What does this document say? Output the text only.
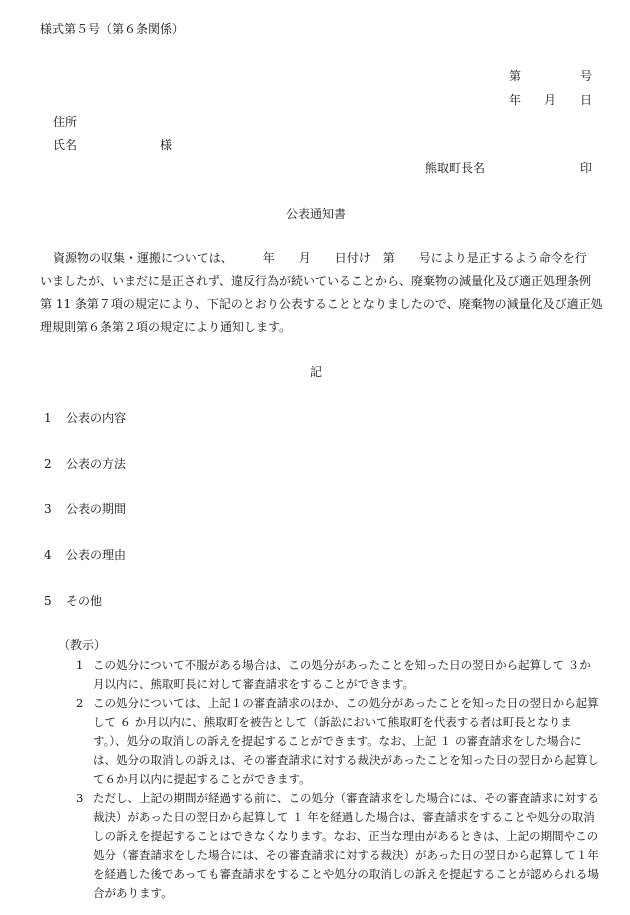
様式第５号（第６条関係）
第	号
年 月 日
住所
氏名	様
熊取町長名	印
公表通知書
資源物の収集・運搬については、　　　年　　月　　日付け　第　　号により是正するよう命令を行
いましたが、いまだに是正されず、違反行為が続いていることから、廃棄物の減量化及び適正処理条例
第 11 条第７項の規定により、下記のとおり公表することとなりましたので、廃棄物の減量化及び適正処
理規則第６条第２項の規定により通知します。
記
1 公表の内容
2 公表の方法
3 公表の期間
4 公表の理由
5 その他
（教示）
1 この処分について不服がある場合は、この処分があったことを知った日の翌日から起算して ３か月以内に、熊取町長に対して審査請求をすることができます。
2 この処分については、上記１の審査請求のほか、この処分があったことを知った日の翌日から起算して ６ か月以内に、熊取町を被告として（訴訟において熊取町を代表する者は町長となります。）、処分の取消しの訴えを提起することができます。なお、上記 １ の審査請求をした場合には、処分の取消しの訴えは、その審査請求に対する裁決があったことを知った日の翌日から起算して６か月以内に提起することができます。
3 ただし、上記の期間が経過する前に、この処分（審査請求をした場合には、その審査請求に対する裁決）があった日の翌日から起算して １ 年を経過した場合は、審査請求をすることや処分の取消しの訴えを提起することはできなくなります。なお、正当な理由があるときは、上記の期間やこの処分（審査請求をした場合には、その審査請求に対する裁決）があった日の翌日から起算して１年を経過した後であっても審査請求をすることや処分の取消しの訴えを提起することが認められる場合があります。
